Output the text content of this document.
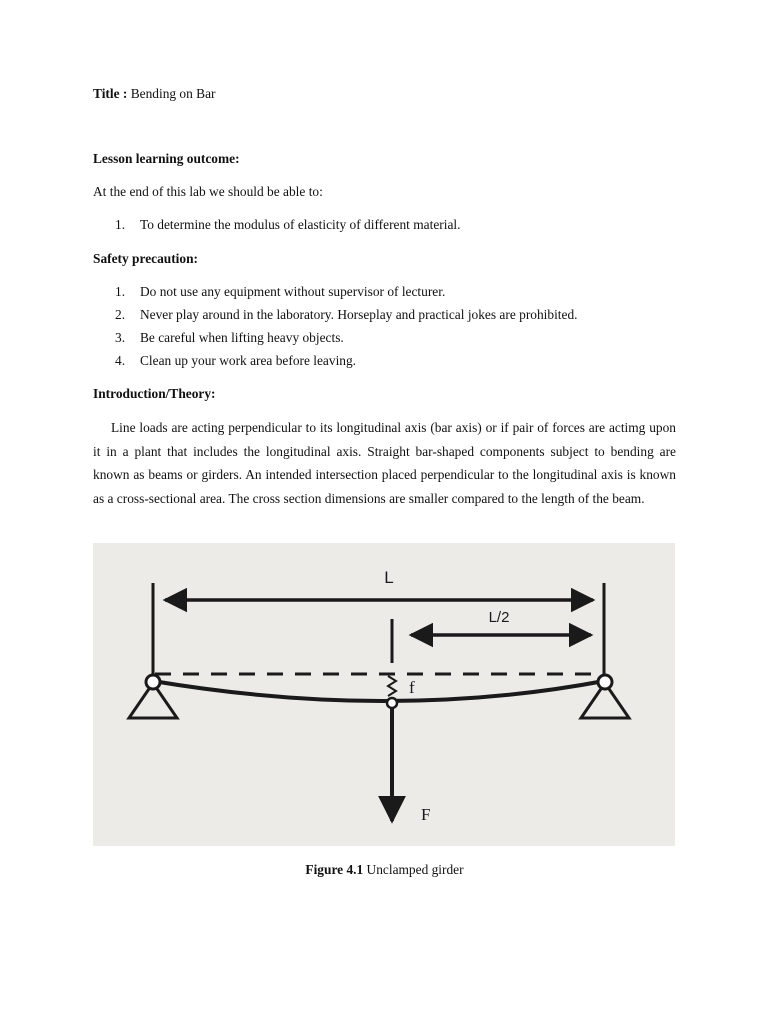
Title : Bending on Bar
Lesson learning outcome:
At the end of this lab we should be able to:
1. To determine the modulus of elasticity of different material.
Safety precaution:
1. Do not use any equipment without supervisor of lecturer.
2. Never play around in the laboratory. Horseplay and practical jokes are prohibited.
3. Be careful when lifting heavy objects.
4. Clean up your work area before leaving.
Introduction/Theory:
Line loads are acting perpendicular to its longitudinal axis (bar axis) or if pair of forces are actimg upon it in a plant that includes the longitudinal axis. Straight bar-shaped components subject to bending are known as beams or girders. An intended intersection placed perpendicular to the longitudinal axis is known as a cross-sectional area. The cross section dimensions are smaller compared to the length of the beam.
L
L/2
f
F
Figure 4.1 Unclamped girder
